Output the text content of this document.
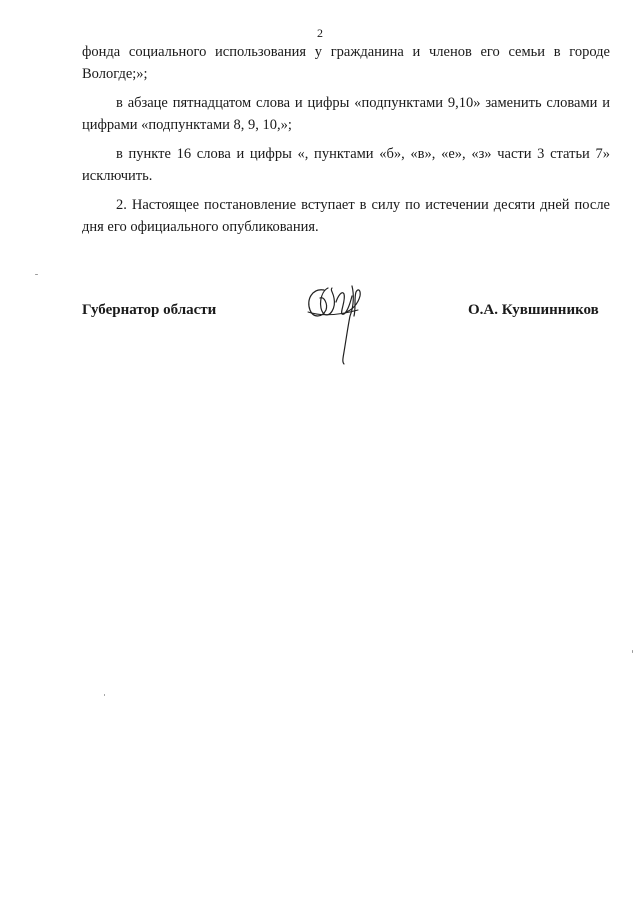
2

фонда социального использования у гражданина и членов его семьи в городе Вологде;»;

в абзаце пятнадцатом слова и цифры «подпунктами 9,10» заменить словами и цифрами «подпунктами 8, 9, 10,»;

в пункте 16 слова и цифры «, пунктами «б», «в», «е», «з» части 3 статьи 7» исключить.

2. Настоящее постановление вступает в силу по истечении десяти дней после дня его официального опубликования.

Губернатор области	О.А. Кувшинников
